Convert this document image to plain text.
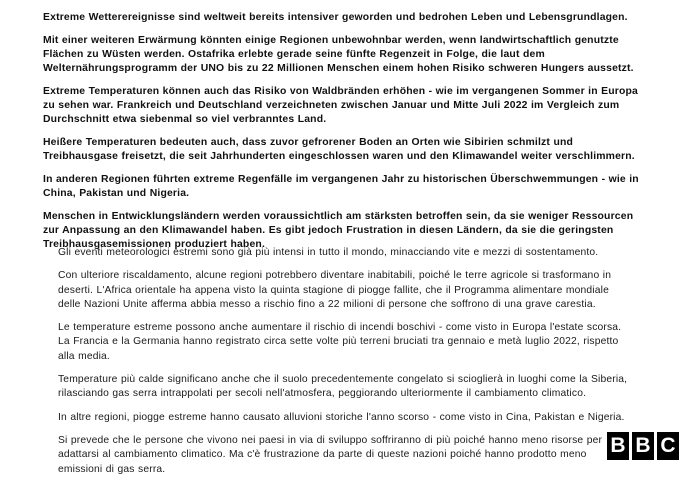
Extreme Wetterereignisse sind weltweit bereits intensiver geworden und bedrohen Leben und Lebensgrundlagen.

Mit einer weiteren Erwärmung könnten einige Regionen unbewohnbar werden, wenn landwirtschaftlich genutzte Flächen zu Wüsten werden. Ostafrika erlebte gerade seine fünfte Regenzeit in Folge, die laut dem Welternährungsprogramm der UNO bis zu 22 Millionen Menschen einem hohen Risiko schweren Hungers aussetzt.

Extreme Temperaturen können auch das Risiko von Waldbränden erhöhen - wie im vergangenen Sommer in Europa zu sehen war. Frankreich und Deutschland verzeichneten zwischen Januar und Mitte Juli 2022 im Vergleich zum Durchschnitt etwa siebenmal so viel verbranntes Land.

Heißere Temperaturen bedeuten auch, dass zuvor gefrorener Boden an Orten wie Sibirien schmilzt und Treibhausgase freisetzt, die seit Jahrhunderten eingeschlossen waren und den Klimawandel weiter verschlimmern.

In anderen Regionen führten extreme Regenfälle im vergangenen Jahr zu historischen Überschwemmungen - wie in China, Pakistan und Nigeria.

Menschen in Entwicklungsländern werden voraussichtlich am stärksten betroffen sein, da sie weniger Ressourcen zur Anpassung an den Klimawandel haben. Es gibt jedoch Frustration in diesen Ländern, da sie die geringsten Treibhausgasemissionen produziert haben.

Gli eventi meteorologici estremi sono già più intensi in tutto il mondo, minacciando vite e mezzi di sostentamento.

Con ulteriore riscaldamento, alcune regioni potrebbero diventare inabitabili, poiché le terre agricole si trasformano in deserti. L'Africa orientale ha appena visto la quinta stagione di piogge fallite, che il Programma alimentare mondiale delle Nazioni Unite afferma abbia messo a rischio fino a 22 milioni di persone che soffrono di una grave carestia.

Le temperature estreme possono anche aumentare il rischio di incendi boschivi - come visto in Europa l'estate scorsa. La Francia e la Germania hanno registrato circa sette volte più terreni bruciati tra gennaio e metà luglio 2022, rispetto alla media.

Temperature più calde significano anche che il suolo precedentemente congelato si scioglierà in luoghi come la Siberia, rilasciando gas serra intrappolati per secoli nell'atmosfera, peggiorando ulteriormente il cambiamento climatico.

In altre regioni, piogge estreme hanno causato alluvioni storiche l'anno scorso - come visto in Cina, Pakistan e Nigeria.

Si prevede che le persone che vivono nei paesi in via di sviluppo soffriranno di più poiché hanno meno risorse per adattarsi al cambiamento climatico. Ma c'è frustrazione da parte di queste nazioni poiché hanno prodotto meno emissioni di gas serra.

B B C
